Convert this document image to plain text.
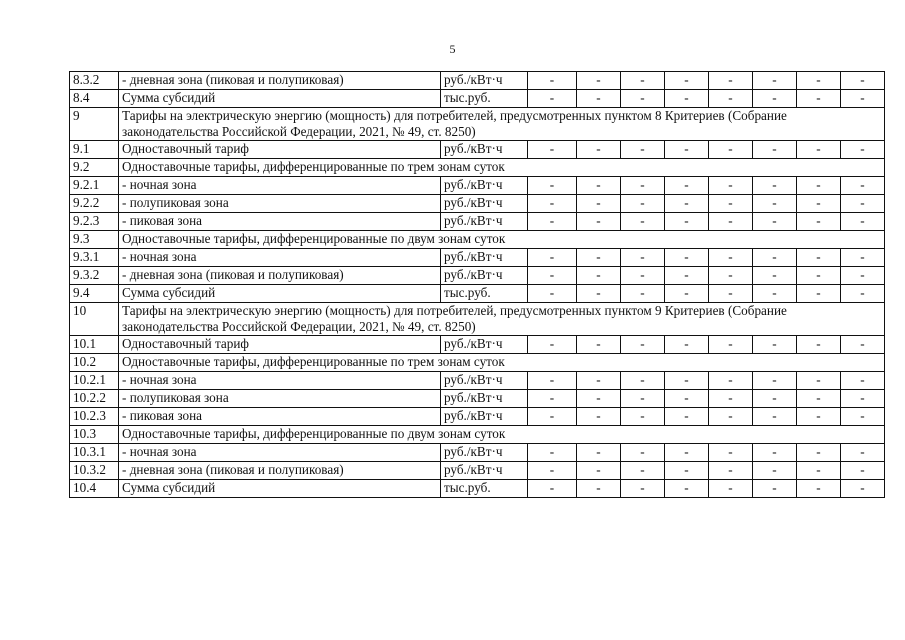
5
8.3.2	- дневная зона (пиковая и полупиковая)	руб./кВт·ч	-	-	-	-	-	-	-	-
8.4	Сумма субсидий	тыс.руб.	-	-	-	-	-	-	-	-
9	Тарифы на электрическую энергию (мощность) для потребителей, предусмотренных пунктом 8 Критериев (Собрание законодательства Российской Федерации, 2021, № 49, ст. 8250)									
9.1	Одноставочный тариф	руб./кВт·ч	-	-	-	-	-	-	-	-
9.2	Одноставочные тарифы, дифференцированные по трем зонам суток									
9.2.1	- ночная зона	руб./кВт·ч	-	-	-	-	-	-	-	-
9.2.2	- полупиковая зона	руб./кВт·ч	-	-	-	-	-	-	-	-
9.2.3	- пиковая зона	руб./кВт·ч	-	-	-	-	-	-	-	-
9.3	Одноставочные тарифы, дифференцированные по двум зонам суток									
9.3.1	- ночная зона	руб./кВт·ч	-	-	-	-	-	-	-	-
9.3.2	- дневная зона (пиковая и полупиковая)	руб./кВт·ч	-	-	-	-	-	-	-	-
9.4	Сумма субсидий	тыс.руб.	-	-	-	-	-	-	-	-
10	Тарифы на электрическую энергию (мощность) для потребителей, предусмотренных пунктом 9 Критериев (Собрание законодательства Российской Федерации, 2021, № 49, ст. 8250)									
10.1	Одноставочный тариф	руб./кВт·ч	-	-	-	-	-	-	-	-
10.2	Одноставочные тарифы, дифференцированные по трем зонам суток									
10.2.1	- ночная зона	руб./кВт·ч	-	-	-	-	-	-	-	-
10.2.2	- полупиковая зона	руб./кВт·ч	-	-	-	-	-	-	-	-
10.2.3	- пиковая зона	руб./кВт·ч	-	-	-	-	-	-	-	-
10.3	Одноставочные тарифы, дифференцированные по двум зонам суток									
10.3.1	- ночная зона	руб./кВт·ч	-	-	-	-	-	-	-	-
10.3.2	- дневная зона (пиковая и полупиковая)	руб./кВт·ч	-	-	-	-	-	-	-	-
10.4	Сумма субсидий	тыс.руб.	-	-	-	-	-	-	-	-
